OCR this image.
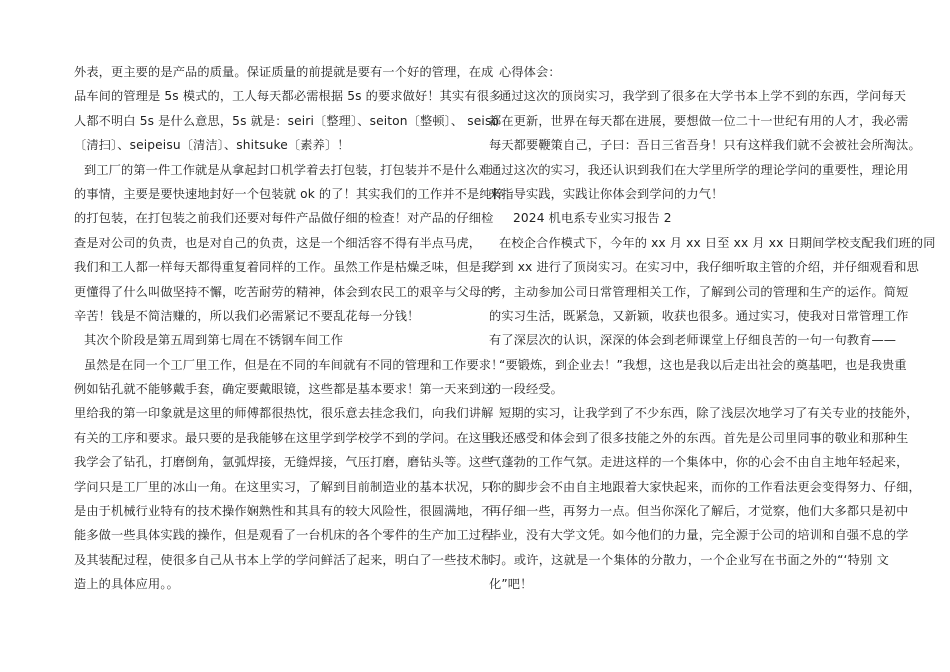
外表，更主要的是产品的质量。保证质量的前提就是要有一个好的管理，在成
品车间的管理是 5s 模式的，工人每天都必需根据 5s 的要求做好！其实有很多
人都不明白 5s 是什么意思，5s 就是：seiri〔整理〕、seiton〔整顿〕、 seiso
〔清扫〕、seipeisu〔清洁〕、shitsuke〔素养〕！
到工厂的第一件工作就是从拿起封口机学着去打包装，打包装并不是什么难
的事情，主要是要快速地封好一个包装就 ok 的了！其实我们的工作并不是纯粹
的打包装，在打包装之前我们还要对每件产品做仔细的检查！对产品的仔细检
查是对公司的负责，也是对自己的负责，这是一个细活容不得有半点马虎，
我们和工人都一样每天都得重复着同样的工作。虽然工作是枯燥乏味，但是我
更懂得了什么叫做坚持不懈，吃苦耐劳的精神，体会到农民工的艰辛与父母的
辛苦！钱是不简洁赚的，所以我们必需紧记不要乱花每一分钱！
其次个阶段是第五周到第七周在不锈钢车间工作
虽然是在同一个工厂里工作，但是在不同的车间就有不同的管理和工作要求！
例如钻孔就不能够戴手套，确定要戴眼镜，这些都是基本要求！第一天来到这
里给我的第一印象就是这里的师傅都很热忱，很乐意去挂念我们，向我们讲解
有关的工序和要求。最只要的是我能够在这里学到学校学不到的学问。在这里
我学会了钻孔，打磨倒角，氩弧焊接，无缝焊接，气压打磨，磨钻头等。这些
学问只是工厂里的冰山一角。在这里实习，了解到目前制造业的基本状况，只
是由于机械行业特有的技术操作娴熟性和其具有的较大风险性，很圆满地，不
能多做一些具体实践的操作，但是观看了一台机床的各个零件的生产加工过程
及其装配过程，使很多自己从书本上学的学问鲜活了起来，明白了一些技术制
造上的具体应用。。
心得体会：
通过这次的顶岗实习，我学到了很多在大学书本上学不到的东西，学问每天
都在更新，世界在每天都在进展，要想做一位二十一世纪有用的人才，我必需
每天都要鞭策自己，子曰：吾日三省吾身！只有这样我们就不会被社会所淘汰。
通过这次的实习，我还认识到我们在大学里所学的理论学问的重要性，理论用
来指导实践，实践让你体会到学问的力气！
2024 机电系专业实习报告 2
在校企合作模式下，今年的 xx 月 xx 日至 xx 月 xx 日期间学校支配我们班的同
学到 xx 进行了顶岗实习。在实习中，我仔细听取主管的介绍，并仔细观看和思
考，主动参加公司日常管理相关工作，了解到公司的管理和生产的运作。简短
的实习生活，既紧急，又新颖，收获也很多。通过实习，使我对日常管理工作
有了深层次的认识，深深的体会到老师课堂上仔细良苦的一句一句教育——
“要锻炼，到企业去！”我想，这也是我以后走出社会的奠基吧，也是我贵重
的一段经受。
短期的实习，让我学到了不少东西，除了浅层次地学习了有关专业的技能外，
我还感受和体会到了很多技能之外的东西。首先是公司里同事的敬业和那种生
气蓬勃的工作气氛。走进这样的一个集体中，你的心会不由自主地年轻起来，
你的脚步会不由自主地跟着大家快起来，而你的工作看法更会变得努力、仔细，
再仔细一些，再努力一点。但当你深化了解后，才觉察，他们大多都只是初中
毕业，没有大学文凭。如今他们的力量，完全源于公司的培训和自强不息的学
习。或许，这就是一个集体的分散力，一个企业写在书面之外的“‘特别 文
化”吧！
